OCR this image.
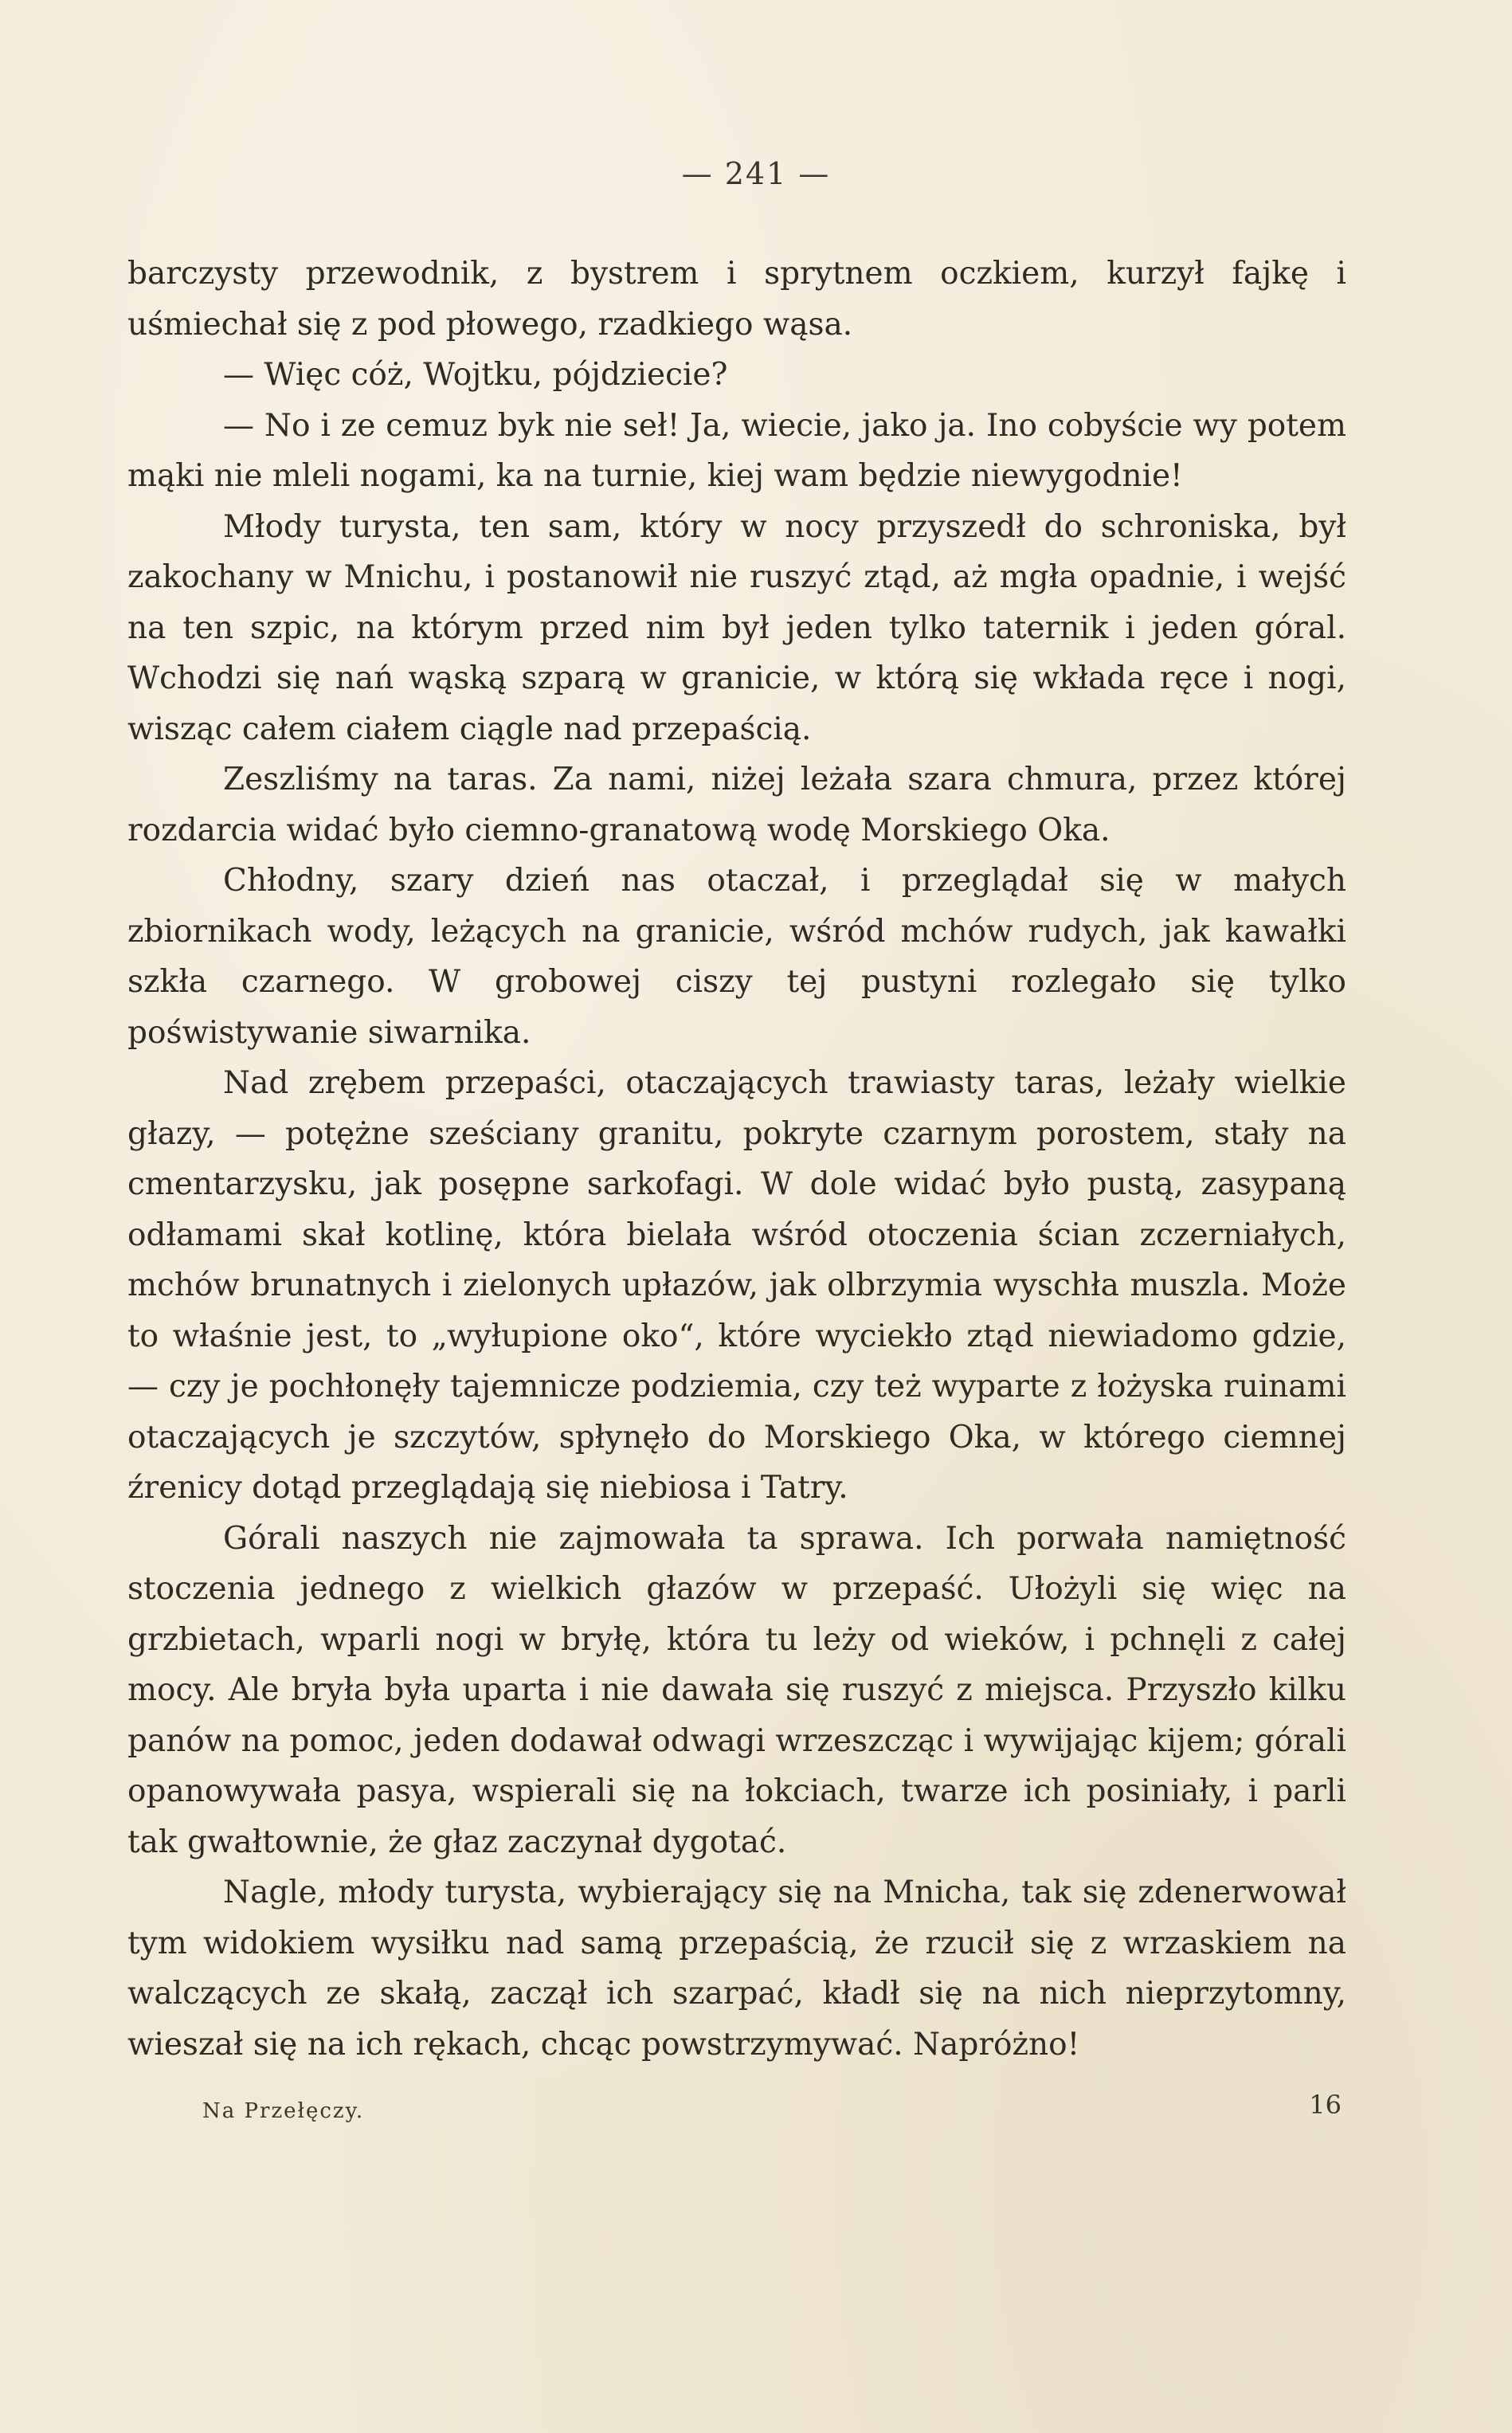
— 241 —

barczysty przewodnik, z bystrem i sprytnem oczkiem, kurzył fajkę i uśmiechał się z pod płowego, rzadkiego wąsa.

— Więc cóż, Wojtku, pójdziecie?

— No i ze cemuz byk nie seł! Ja, wiecie, jako ja. Ino cobyście wy potem mąki nie mleli nogami, ka na turnie, kiej wam będzie niewygodnie!

Młody turysta, ten sam, który w nocy przyszedł do schroniska, był zakochany w Mnichu, i postanowił nie ruszyć ztąd, aż mgła opadnie, i wejść na ten szpic, na którym przed nim był jeden tylko taternik i jeden góral. Wchodzi się nań wąską szparą w granicie, w którą się wkłada ręce i nogi, wisząc całem ciałem ciągle nad przepaścią.

Zeszliśmy na taras. Za nami, niżej leżała szara chmura, przez której rozdarcia widać było ciemno-granatową wodę Morskiego Oka.

Chłodny, szary dzień nas otaczał, i przeglądał się w małych zbiornikach wody, leżących na granicie, wśród mchów rudych, jak kawałki szkła czarnego. W grobowej ciszy tej pustyni rozlegało się tylko poświstywanie siwarnika.

Nad zrębem przepaści, otaczających trawiasty taras, leżały wielkie głazy, — potężne sześciany granitu, pokryte czarnym porostem, stały na cmentarzysku, jak posępne sarkofagi. W dole widać było pustą, zasypaną odłamami skał kotlinę, która bielała wśród otoczenia ścian zczerniałych, mchów brunatnych i zielonych upłazów, jak olbrzymia wyschła muszla. Może to właśnie jest, to „wyłupione oko“, które wyciekło ztąd niewiadomo gdzie, — czy je pochłonęły tajemnicze podziemia, czy też wyparte z łożyska ruinami otaczających je szczytów, spłynęło do Morskiego Oka, w którego ciemnej źrenicy dotąd przeglądają się niebiosa i Tatry.

Górali naszych nie zajmowała ta sprawa. Ich porwała namiętność stoczenia jednego z wielkich głazów w przepaść. Ułożyli się więc na grzbietach, wparli nogi w bryłę, która tu leży od wieków, i pchnęli z całej mocy. Ale bryła była uparta i nie dawała się ruszyć z miejsca. Przyszło kilku panów na pomoc, jeden dodawał odwagi wrzeszcząc i wywijając kijem; górali opanowywała pasya, wspierali się na łokciach, twarze ich posiniały, i parli tak gwałtownie, że głaz zaczynał dygotać.

Nagle, młody turysta, wybierający się na Mnicha, tak się zdenerwował tym widokiem wysiłku nad samą przepaścią, że rzucił się z wrzaskiem na walczących ze skałą, zaczął ich szarpać, kładł się na nich nieprzytomny, wieszał się na ich rękach, chcąc powstrzymywać. Napróżno!

Na Przełęczy.	16
